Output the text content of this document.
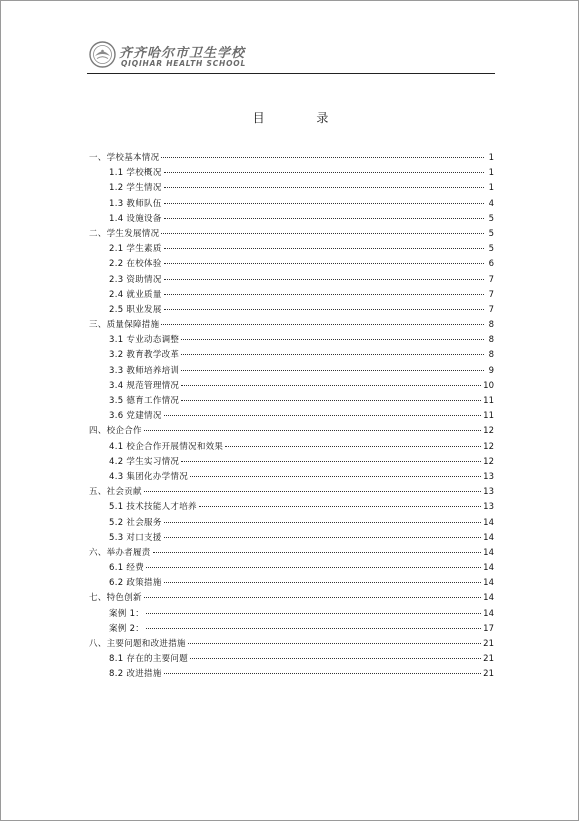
齐齐哈尔市卫生学校
QIQIHAR HEALTH SCHOOL
目 录
一、学校基本情况	1
1.1 学校概况	1
1.2 学生情况	1
1.3 教师队伍	4
1.4 设施设备	5
二、学生发展情况	5
2.1 学生素质	5
2.2 在校体验	6
2.3 资助情况	7
2.4 就业质量	7
2.5 职业发展	7
三、质量保障措施	8
3.1 专业动态调整	8
3.2 教育教学改革	8
3.3 教师培养培训	9
3.4 规范管理情况	10
3.5 德育工作情况	11
3.6 党建情况	11
四、校企合作	12
4.1 校企合作开展情况和效果	12
4.2 学生实习情况	12
4.3 集团化办学情况	13
五、社会贡献	13
5.1 技术技能人才培养	13
5.2 社会服务	14
5.3 对口支援	14
六、举办者履责	14
6.1 经费	14
6.2 政策措施	14
七、特色创新	14
案例 1：	14
案例 2：	17
八、主要问题和改进措施	21
8.1 存在的主要问题	21
8.2 改进措施	21
